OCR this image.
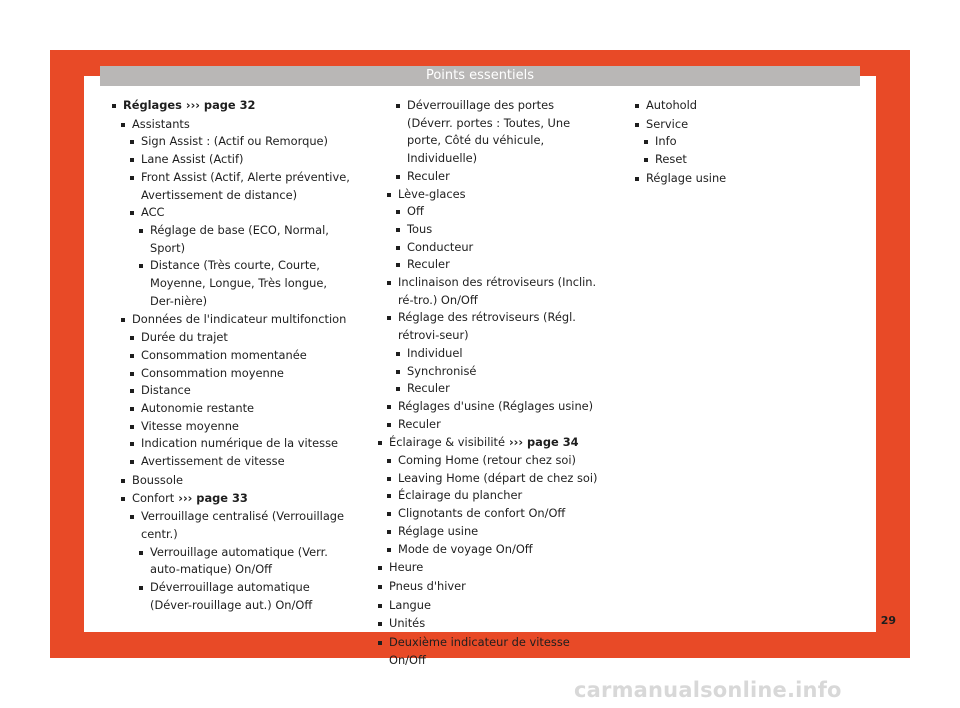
Points essentiels
Réglages ››› page 32
Assistants
Sign Assist : (Actif ou Remorque)
Lane Assist (Actif)
Front Assist (Actif, Alerte préventive, Avertissement de distance)
ACC
Réglage de base (ECO, Normal, Sport)
Distance (Très courte, Courte, Moyenne, Longue, Très longue, Der-nière)
Données de l'indicateur multifonction
Durée du trajet
Consommation momentanée
Consommation moyenne
Distance
Autonomie restante
Vitesse moyenne
Indication numérique de la vitesse
Avertissement de vitesse
Boussole
Confort ››› page 33
Verrouillage centralisé (Verrouillage centr.)
Verrouillage automatique (Verr. auto-matique) On/Off
Déverrouillage automatique (Déver-rouillage aut.) On/Off
Déverrouillage des portes (Déverr. portes : Toutes, Une porte, Côté du véhicule, Individuelle)
Reculer
Lève-glaces
Off
Tous
Conducteur
Reculer
Inclinaison des rétroviseurs (Inclin. ré-tro.) On/Off
Réglage des rétroviseurs (Régl. rétrovi-seur)
Individuel
Synchronisé
Reculer
Réglages d'usine (Réglages usine)
Reculer
Éclairage & visibilité ››› page 34
Coming Home (retour chez soi)
Leaving Home (départ de chez soi)
Éclairage du plancher
Clignotants de confort On/Off
Réglage usine
Mode de voyage On/Off
Heure
Pneus d'hiver
Langue
Unités
Deuxième indicateur de vitesse On/Off
Autohold
Service
Info
Reset
Réglage usine
29
carmanualsonline.info
